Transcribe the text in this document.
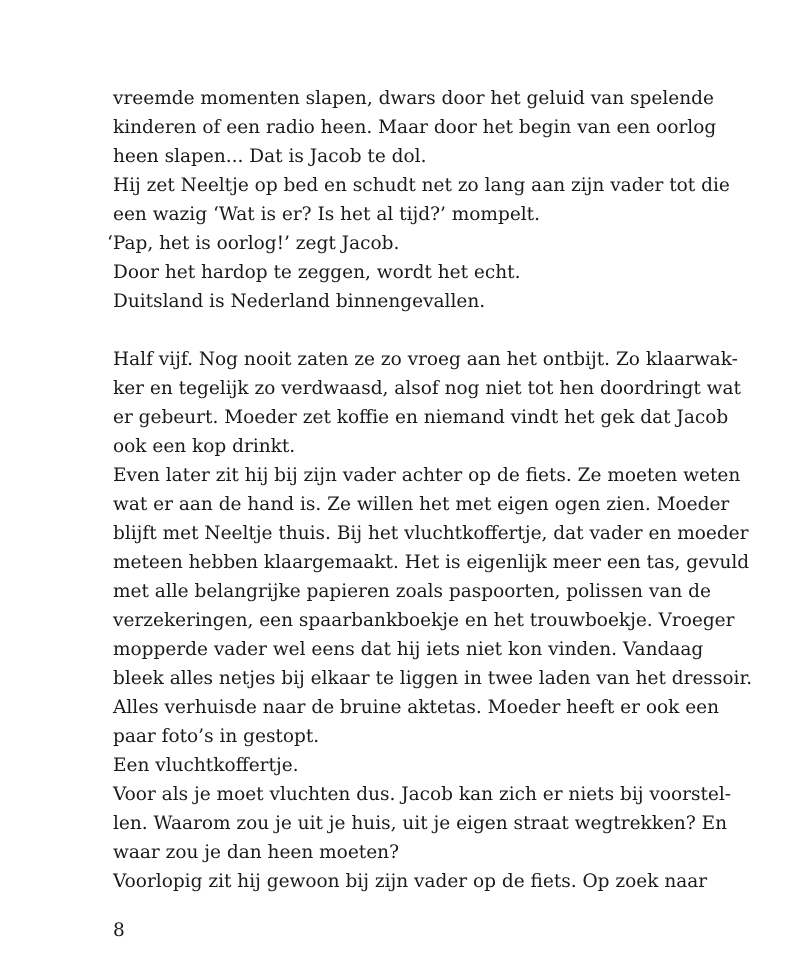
vreemde momenten slapen, dwars door het geluid van spelende
kinderen of een radio heen. Maar door het begin van een oorlog
heen slapen... Dat is Jacob te dol.
Hij zet Neeltje op bed en schudt net zo lang aan zijn vader tot die
een wazig ‘Wat is er? Is het al tijd?’ mompelt.
‘Pap, het is oorlog!’ zegt Jacob.
Door het hardop te zeggen, wordt het echt.
Duitsland is Nederland binnengevallen.
Half vijf. Nog nooit zaten ze zo vroeg aan het ontbijt. Zo klaarwak-
ker en tegelijk zo verdwaasd, alsof nog niet tot hen doordringt wat
er gebeurt. Moeder zet koffie en niemand vindt het gek dat Jacob
ook een kop drinkt.
Even later zit hij bij zijn vader achter op de fiets. Ze moeten weten
wat er aan de hand is. Ze willen het met eigen ogen zien. Moeder
blijft met Neeltje thuis. Bij het vluchtkoffertje, dat vader en moeder
meteen hebben klaargemaakt. Het is eigenlijk meer een tas, gevuld
met alle belangrijke papieren zoals paspoorten, polissen van de
verzekeringen, een spaarbankboekje en het trouwboekje. Vroeger
mopperde vader wel eens dat hij iets niet kon vinden. Vandaag
bleek alles netjes bij elkaar te liggen in twee laden van het dressoir.
Alles verhuisde naar de bruine aktetas. Moeder heeft er ook een
paar foto’s in gestopt.
Een vluchtkoffertje.
Voor als je moet vluchten dus. Jacob kan zich er niets bij voorstel-
len. Waarom zou je uit je huis, uit je eigen straat wegtrekken? En
waar zou je dan heen moeten?
Voorlopig zit hij gewoon bij zijn vader op de fiets. Op zoek naar
8
